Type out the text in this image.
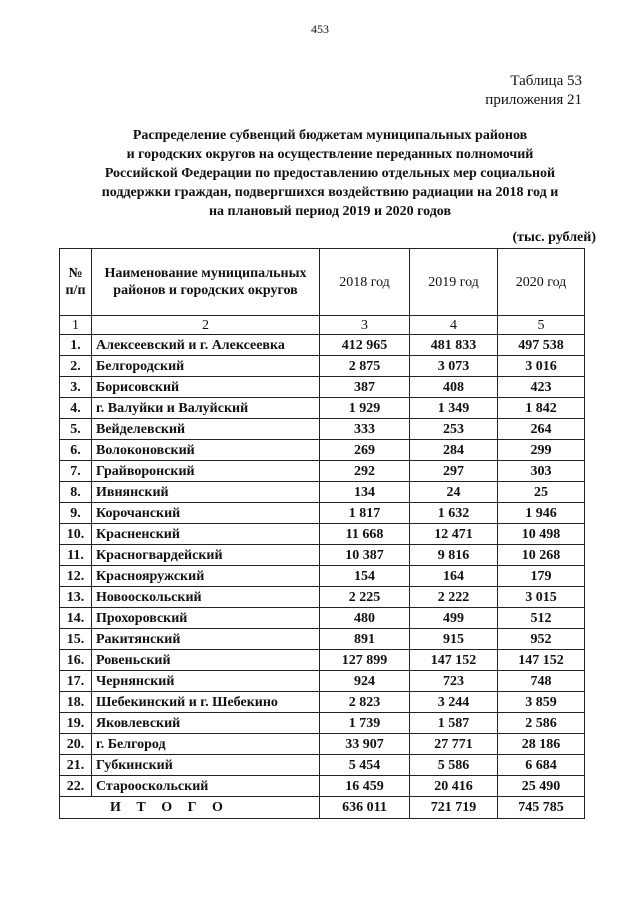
453
Таблица 53
приложения 21
Распределение субвенций бюджетам муниципальных районов
и городских округов на осуществление переданных полномочий
Российской Федерации по предоставлению отдельных мер социальной
поддержки граждан, подвергшихся воздействию радиации на 2018 год и
на плановый период 2019 и 2020 годов
(тыс. рублей)
№ п/п	Наименование муниципальных районов и городских округов	2018 год	2019 год	2020 год
1	2	3	4	5
1.	Алексеевский и г. Алексеевка	412 965	481 833	497 538
2.	Белгородский	2 875	3 073	3 016
3.	Борисовский	387	408	423
4.	г. Валуйки и Валуйский	1 929	1 349	1 842
5.	Вейделевский	333	253	264
6.	Волоконовский	269	284	299
7.	Грайворонский	292	297	303
8.	Ивнянский	134	24	25
9.	Корочанский	1 817	1 632	1 946
10.	Красненский	11 668	12 471	10 498
11.	Красногвардейский	10 387	9 816	10 268
12.	Краснояружский	154	164	179
13.	Новооскольский	2 225	2 222	3 015
14.	Прохоровский	480	499	512
15.	Ракитянский	891	915	952
16.	Ровеньский	127 899	147 152	147 152
17.	Чернянский	924	723	748
18.	Шебекинский и г. Шебекино	2 823	3 244	3 859
19.	Яковлевский	1 739	1 587	2 586
20.	г. Белгород	33 907	27 771	28 186
21.	Губкинский	5 454	5 586	6 684
22.	Старооскольский	16 459	20 416	25 490
И Т О Г О		636 011	721 719	745 785
